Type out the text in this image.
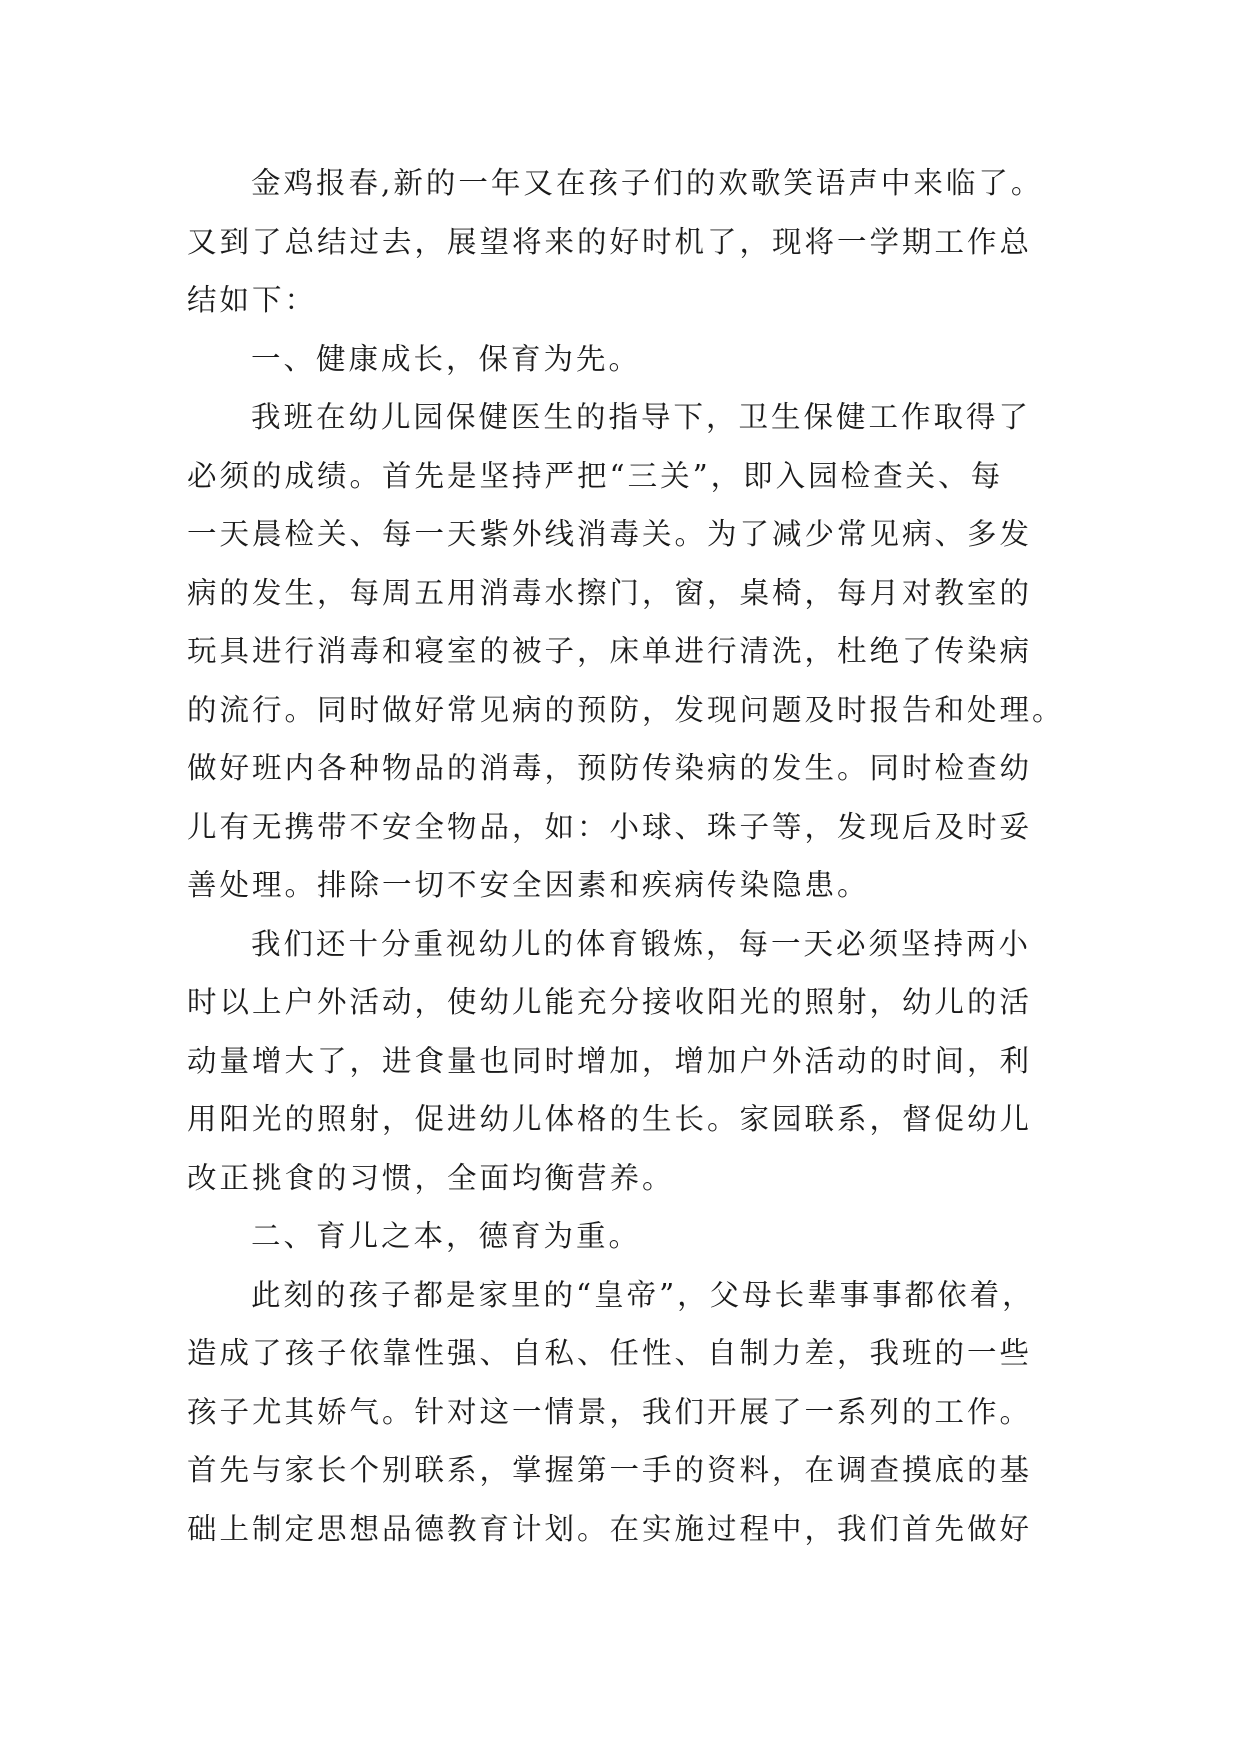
金鸡报春,新的一年又在孩子们的欢歌笑语声中来临了。
又到了总结过去，展望将来的好时机了，现将一学期工作总
结如下：
一、健康成长，保育为先。
我班在幼儿园保健医生的指导下，卫生保健工作取得了
必须的成绩。首先是坚持严把“三关”，即入园检查关、每
一天晨检关、每一天紫外线消毒关。为了减少常见病、多发
病的发生，每周五用消毒水擦门，窗，桌椅，每月对教室的
玩具进行消毒和寝室的被子，床单进行清洗，杜绝了传染病
的流行。同时做好常见病的预防，发现问题及时报告和处理。
做好班内各种物品的消毒，预防传染病的发生。同时检查幼
儿有无携带不安全物品，如：小球、珠子等，发现后及时妥
善处理。排除一切不安全因素和疾病传染隐患。
我们还十分重视幼儿的体育锻炼，每一天必须坚持两小
时以上户外活动，使幼儿能充分接收阳光的照射，幼儿的活
动量增大了，进食量也同时增加，增加户外活动的时间，利
用阳光的照射，促进幼儿体格的生长。家园联系，督促幼儿
改正挑食的习惯，全面均衡营养。
二、育儿之本，德育为重。
此刻的孩子都是家里的“皇帝”，父母长辈事事都依着，
造成了孩子依靠性强、自私、任性、自制力差，我班的一些
孩子尤其娇气。针对这一情景，我们开展了一系列的工作。
首先与家长个别联系，掌握第一手的资料，在调查摸底的基
础上制定思想品德教育计划。在实施过程中，我们首先做好
